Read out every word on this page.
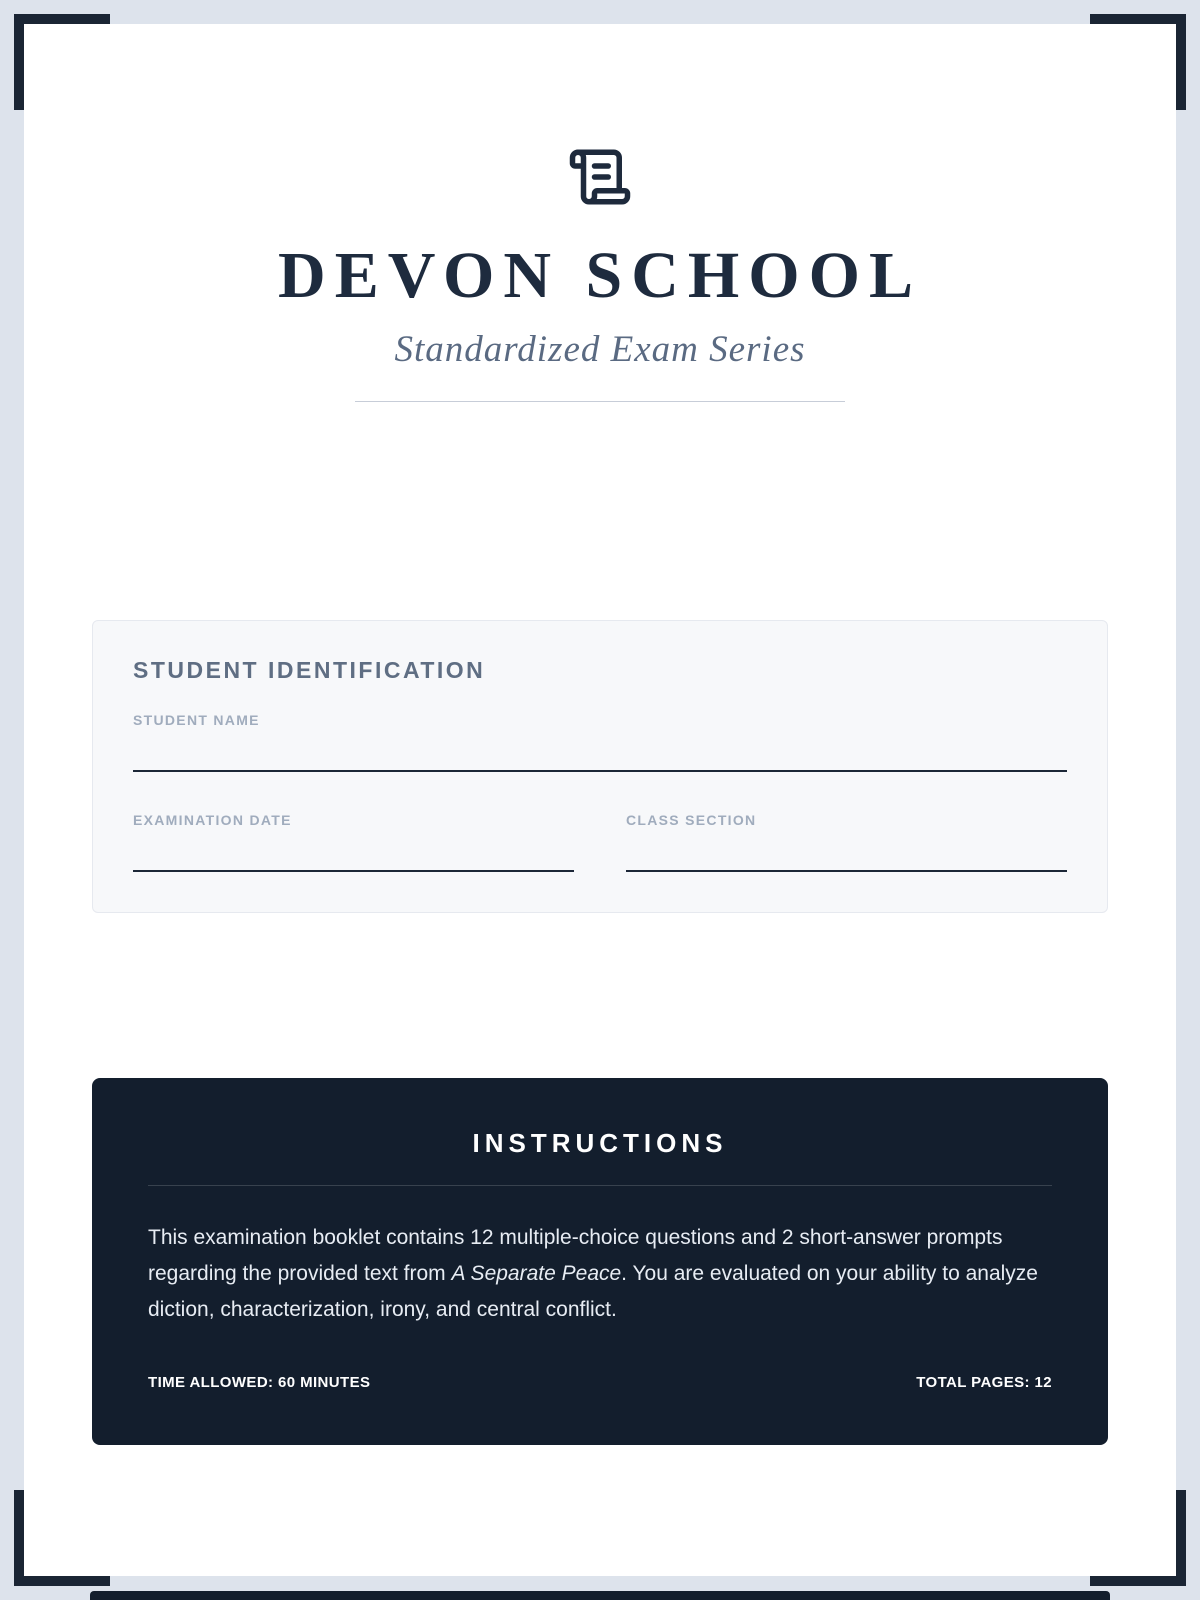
DEVON SCHOOL
Standardized Exam Series
STUDENT IDENTIFICATION
STUDENT NAME
EXAMINATION DATE	CLASS SECTION
INSTRUCTIONS

This examination booklet contains 12 multiple-choice questions and 2 short-answer prompts regarding the provided text from A Separate Peace. You are evaluated on your ability to analyze diction, characterization, irony, and central conflict.

TIME ALLOWED: 60 MINUTES	TOTAL PAGES: 12
